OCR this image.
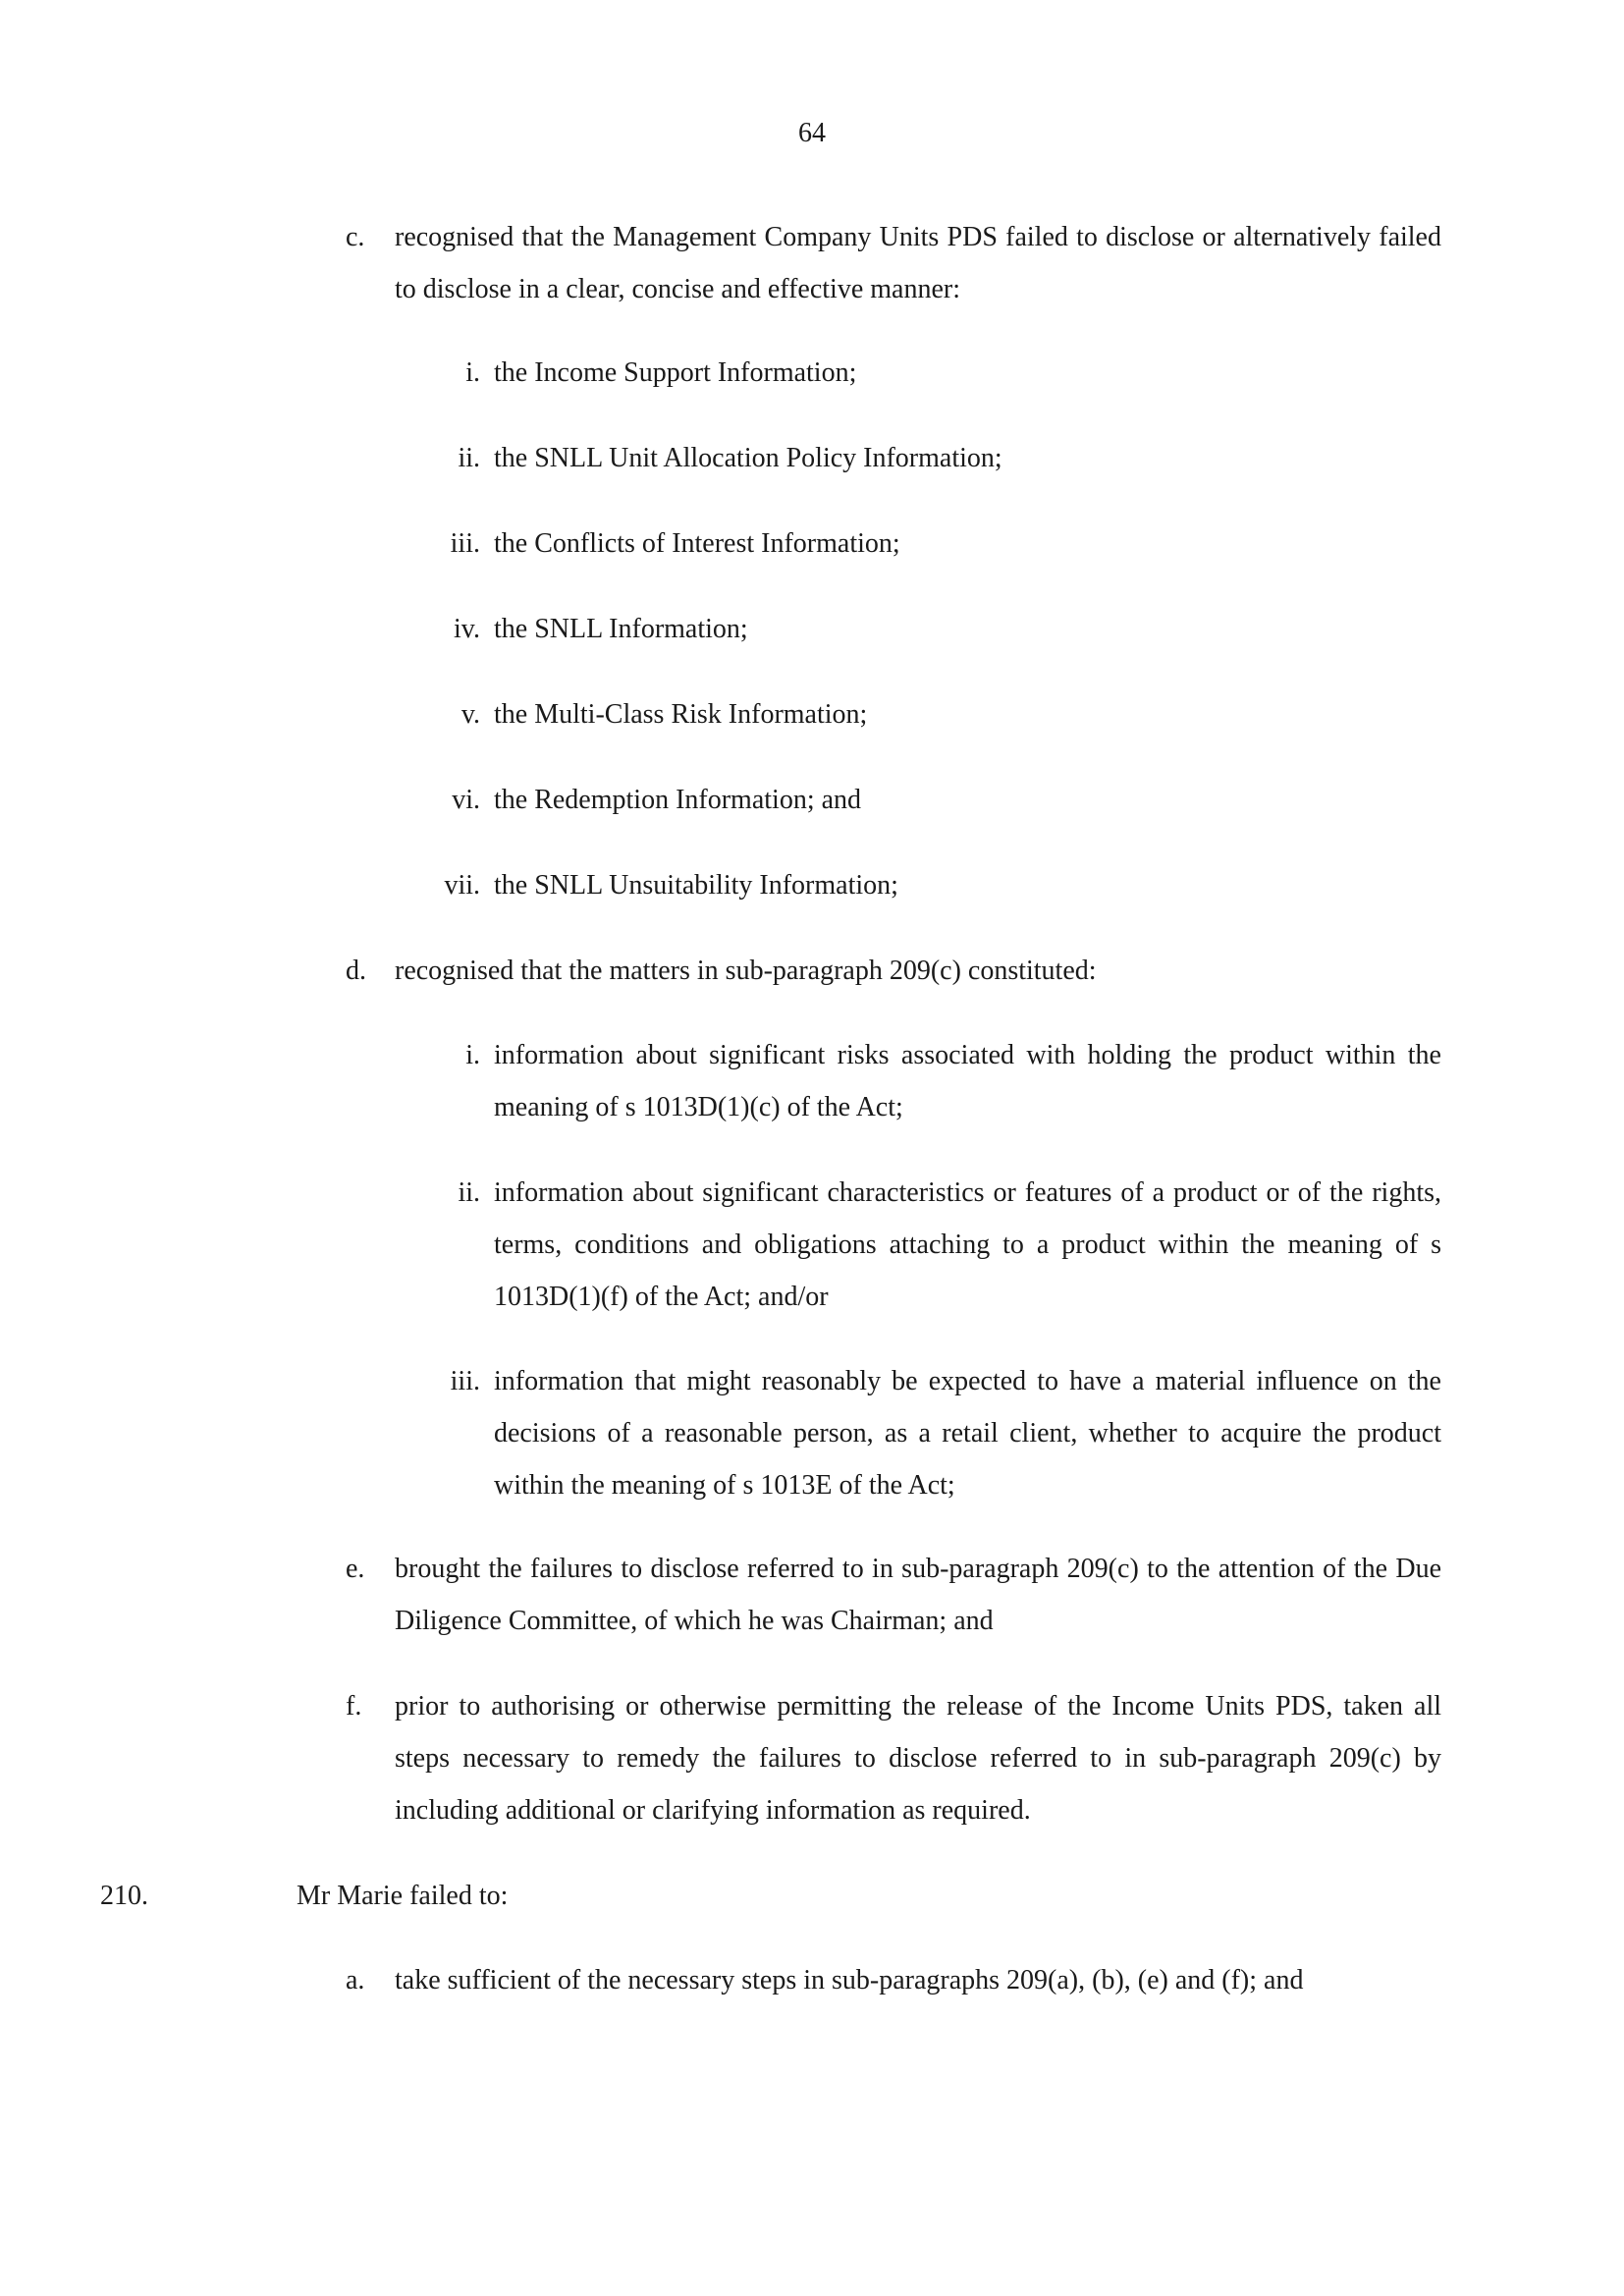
64
c. recognised that the Management Company Units PDS failed to disclose or alternatively failed to disclose in a clear, concise and effective manner:
i. the Income Support Information;
ii. the SNLL Unit Allocation Policy Information;
iii. the Conflicts of Interest Information;
iv. the SNLL Information;
v. the Multi-Class Risk Information;
vi. the Redemption Information; and
vii. the SNLL Unsuitability Information;
d. recognised that the matters in sub-paragraph 209(c) constituted:
i. information about significant risks associated with holding the product within the meaning of s 1013D(1)(c) of the Act;
ii. information about significant characteristics or features of a product or of the rights, terms, conditions and obligations attaching to a product within the meaning of s 1013D(1)(f) of the Act; and/or
iii. information that might reasonably be expected to have a material influence on the decisions of a reasonable person, as a retail client, whether to acquire the product within the meaning of s 1013E of the Act;
e. brought the failures to disclose referred to in sub-paragraph 209(c) to the attention of the Due Diligence Committee, of which he was Chairman; and
f. prior to authorising or otherwise permitting the release of the Income Units PDS, taken all steps necessary to remedy the failures to disclose referred to in sub-paragraph 209(c) by including additional or clarifying information as required.
210.	Mr Marie failed to:
a. take sufficient of the necessary steps in sub-paragraphs 209(a), (b), (e) and (f); and
